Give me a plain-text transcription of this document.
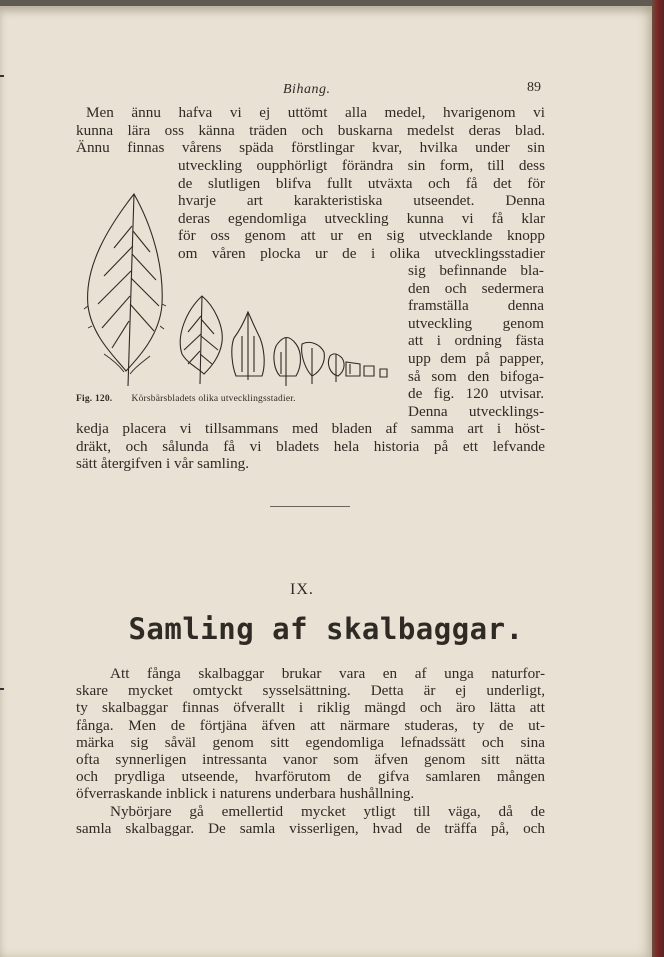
Bihang.	89
Men ännu hafva vi ej uttömt alla medel, hvarigenom vi
kunna lära oss känna träden och buskarna medelst deras blad.
Ännu finnas vårens späda förstlingar kvar, hvilka under sin
utveckling oupphörligt förändra sin form, till dess
de slutligen blifva fullt utväxta och få det för
hvarje art karakteristiska utseendet. Denna
deras egendomliga utveckling kunna vi få klar
för oss genom att ur en sig utvecklande knopp
om våren plocka ur de i olika utvecklingsstadier
sig befinnande bla-
den och sedermera
framställa denna
utveckling genom
att i ordning fästa
upp dem på papper,
så som den bifoga-
de fig. 120 utvisar.
Denna utvecklings-
kedja placera vi tillsammans med bladen af samma art i höst-
dräkt, och sålunda få vi bladets hela historia på ett lefvande
sätt återgifven i vår samling.
Fig. 120. Körsbärsbladets olika utvecklingsstadier.
IX.
Samling af skalbaggar.
Att fånga skalbaggar brukar vara en af unga naturfor-
skare mycket omtyckt sysselsättning. Detta är ej underligt,
ty skalbaggar finnas öfverallt i riklig mängd och äro lätta att
fånga. Men de förtjäna äfven att närmare studeras, ty de ut-
märka sig såväl genom sitt egendomliga lefnadssätt och sina
ofta synnerligen intressanta vanor som äfven genom sitt nätta
och prydliga utseende, hvarförutom de gifva samlaren mången
öfverraskande inblick i naturens underbara hushållning.
Nybörjare gå emellertid mycket ytligt till väga, då de
samla skalbaggar. De samla visserligen, hvad de träffa på, och
